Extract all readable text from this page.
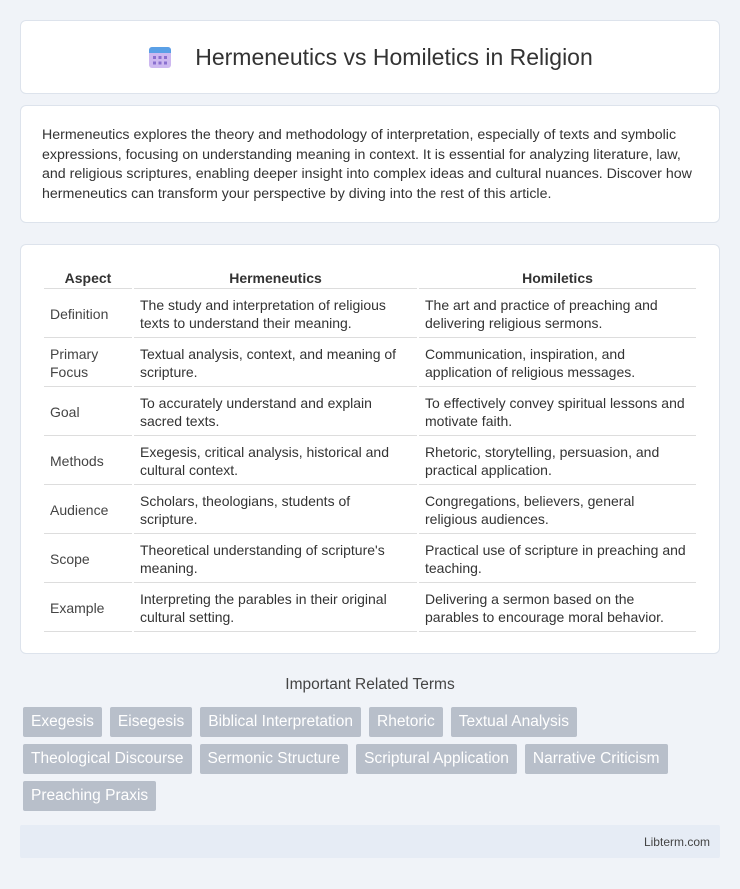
Hermeneutics vs Homiletics in Religion

Hermeneutics explores the theory and methodology of interpretation, especially of texts and symbolic expressions, focusing on understanding meaning in context. It is essential for analyzing literature, law, and religious scriptures, enabling deeper insight into complex ideas and cultural nuances. Discover how hermeneutics can transform your perspective by diving into the rest of this article.

Aspect	Hermeneutics	Homiletics
Definition	The study and interpretation of religious texts to understand their meaning.	The art and practice of preaching and delivering religious sermons.
Primary Focus	Textual analysis, context, and meaning of scripture.	Communication, inspiration, and application of religious messages.
Goal	To accurately understand and explain sacred texts.	To effectively convey spiritual lessons and motivate faith.
Methods	Exegesis, critical analysis, historical and cultural context.	Rhetoric, storytelling, persuasion, and practical application.
Audience	Scholars, theologians, students of scripture.	Congregations, believers, general religious audiences.
Scope	Theoretical understanding of scripture's meaning.	Practical use of scripture in preaching and teaching.
Example	Interpreting the parables in their original cultural setting.	Delivering a sermon based on the parables to encourage moral behavior.
Important Related Terms
Exegesis	Eisegesis	Biblical Interpretation	Rhetoric	Textual Analysis
Theological Discourse	Sermonic Structure	Scriptural Application	Narrative Criticism
Preaching Praxis
Libterm.com
